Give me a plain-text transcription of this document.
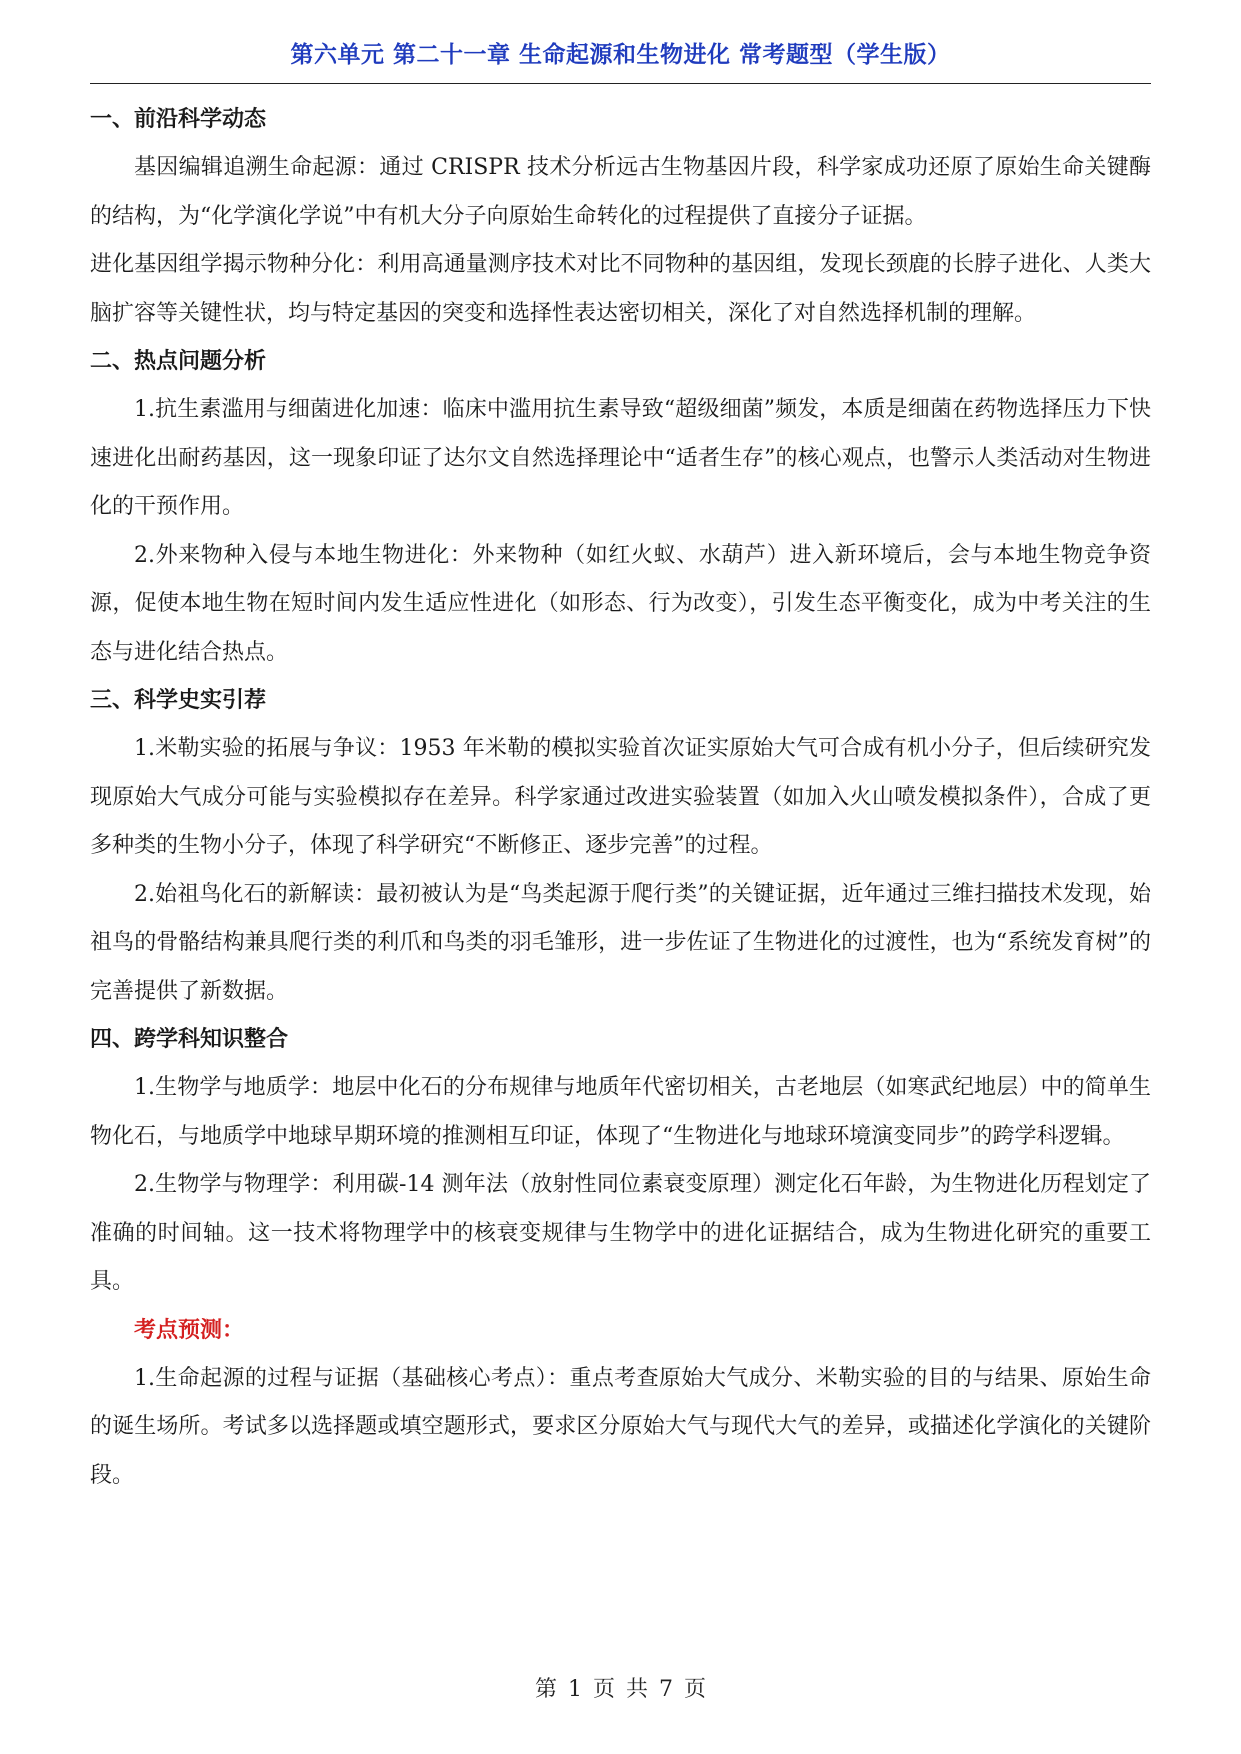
第六单元 第二十一章 生命起源和生物进化 常考题型（学生版）
一、前沿科学动态

基因编辑追溯生命起源：通过 CRISPR 技术分析远古生物基因片段，科学家成功还原了原始生命关键酶的结构，为“化学演化学说”中有机大分子向原始生命转化的过程提供了直接分子证据。

进化基因组学揭示物种分化：利用高通量测序技术对比不同物种的基因组，发现长颈鹿的长脖子进化、人类大脑扩容等关键性状，均与特定基因的突变和选择性表达密切相关，深化了对自然选择机制的理解。

二、热点问题分析

1.抗生素滥用与细菌进化加速：临床中滥用抗生素导致“超级细菌”频发，本质是细菌在药物选择压力下快速进化出耐药基因，这一现象印证了达尔文自然选择理论中“适者生存”的核心观点，也警示人类活动对生物进化的干预作用。

2.外来物种入侵与本地生物进化：外来物种（如红火蚁、水葫芦）进入新环境后，会与本地生物竞争资源，促使本地生物在短时间内发生适应性进化（如形态、行为改变），引发生态平衡变化，成为中考关注的生态与进化结合热点。

三、科学史实引荐

1.米勒实验的拓展与争议：1953 年米勒的模拟实验首次证实原始大气可合成有机小分子，但后续研究发现原始大气成分可能与实验模拟存在差异。科学家通过改进实验装置（如加入火山喷发模拟条件），合成了更多种类的生物小分子，体现了科学研究“不断修正、逐步完善”的过程。

2.始祖鸟化石的新解读：最初被认为是“鸟类起源于爬行类”的关键证据，近年通过三维扫描技术发现，始祖鸟的骨骼结构兼具爬行类的利爪和鸟类的羽毛雏形，进一步佐证了生物进化的过渡性，也为“系统发育树”的完善提供了新数据。

四、跨学科知识整合

1.生物学与地质学：地层中化石的分布规律与地质年代密切相关，古老地层（如寒武纪地层）中的简单生物化石，与地质学中地球早期环境的推测相互印证，体现了“生物进化与地球环境演变同步”的跨学科逻辑。

2.生物学与物理学：利用碳-14 测年法（放射性同位素衰变原理）测定化石年龄，为生物进化历程划定了准确的时间轴。这一技术将物理学中的核衰变规律与生物学中的进化证据结合，成为生物进化研究的重要工具。

考点预测：

1.生命起源的过程与证据（基础核心考点）：重点考查原始大气成分、米勒实验的目的与结果、原始生命的诞生场所。考试多以选择题或填空题形式，要求区分原始大气与现代大气的差异，或描述化学演化的关键阶段。

第 1 页 共 7 页
